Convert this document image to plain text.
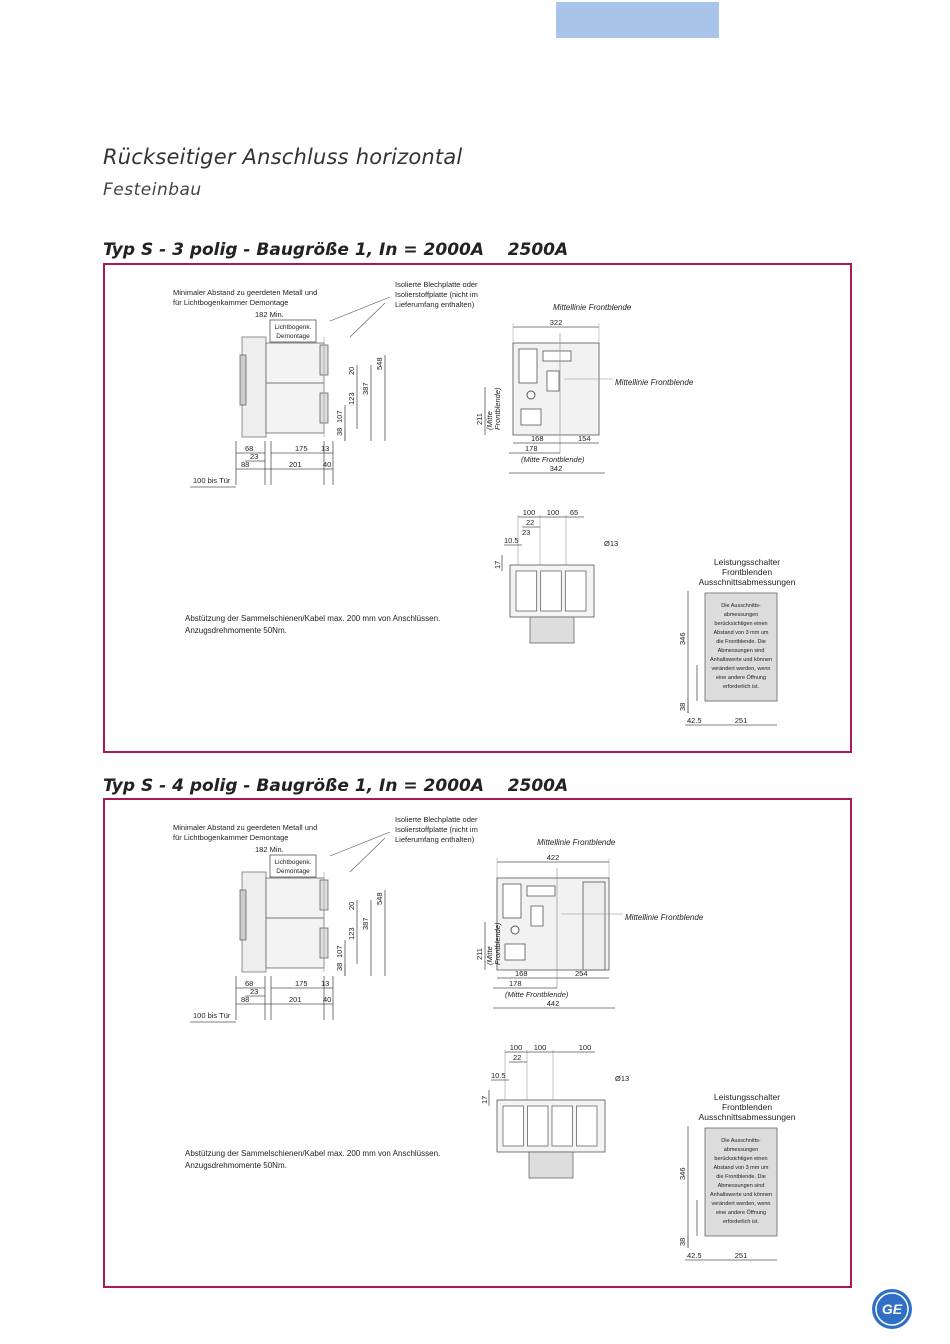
Rückseitiger Anschluss horizontal
Festeinbau
Typ S - 3 polig - Baugröße 1, In = 2000A    2500A
Minimaler Abstand zu geerdeten Metall und
für Lichtbogenkammer Demontage
182 Min.
Lichtbogenk.
Demontage
Isolierte Blechplatte oder
Isolierstoffplatte (nicht im
Lieferumfang enthalten)
548
387
20
123
107
38
68
23
88
175 13
201	40
100 bis Tür
Mittellinie Frontblende
322
Mittellinie Frontblende
211 (Mitte Frontblende)
168	154
178
(Mitte Frontblende)
342
100 100 65
22
23
10.5	Ø13
17
Abstützung der Sammelschienen/Kabel max. 200 mm von Anschlüssen.
Anzugsdrehmomente 50Nm.
Leistungsschalter
Frontblenden
Ausschnittsabmessungen
Die Ausschnitts-
abmessungen
berücksichtigen einen
Abstand von 3 mm um
die Frontblende. Die
Abmessungen sind
Anhaltswerte und können
verändert werden, wenn
eine andere Öffnung
erforderlich ist.
346
38
42.5	251
Typ S - 4 polig - Baugröße 1, In = 2000A    2500A
Minimaler Abstand zu geerdeten Metall und
für Lichtbogenkammer Demontage
182 Min.
Lichtbogenk.
Demontage
Isolierte Blechplatte oder
Isolierstoffplatte (nicht im
Lieferumfang enthalten)
548
387
20
123
107
38
68
23
88
175 13
201	40
100 bis Tür
Mittellinie Frontblende
422
Mittellinie Frontblende
211 (Mitte Frontblende)
168	254
178
(Mitte Frontblende)
442
100 100	100
22
10.5	Ø13
17
Abstützung der Sammelschienen/Kabel max. 200 mm von Anschlüssen.
Anzugsdrehmomente 50Nm.
Leistungsschalter
Frontblenden
Ausschnittsabmessungen
Die Ausschnitts-
abmessungen
berücksichtigen einen
Abstand von 3 mm um
die Frontblende. Die
Abmessungen sind
Anhaltswerte und können
verändert werden, wenn
eine andere Öffnung
erforderlich ist.
346
38
42.5	251
GE
